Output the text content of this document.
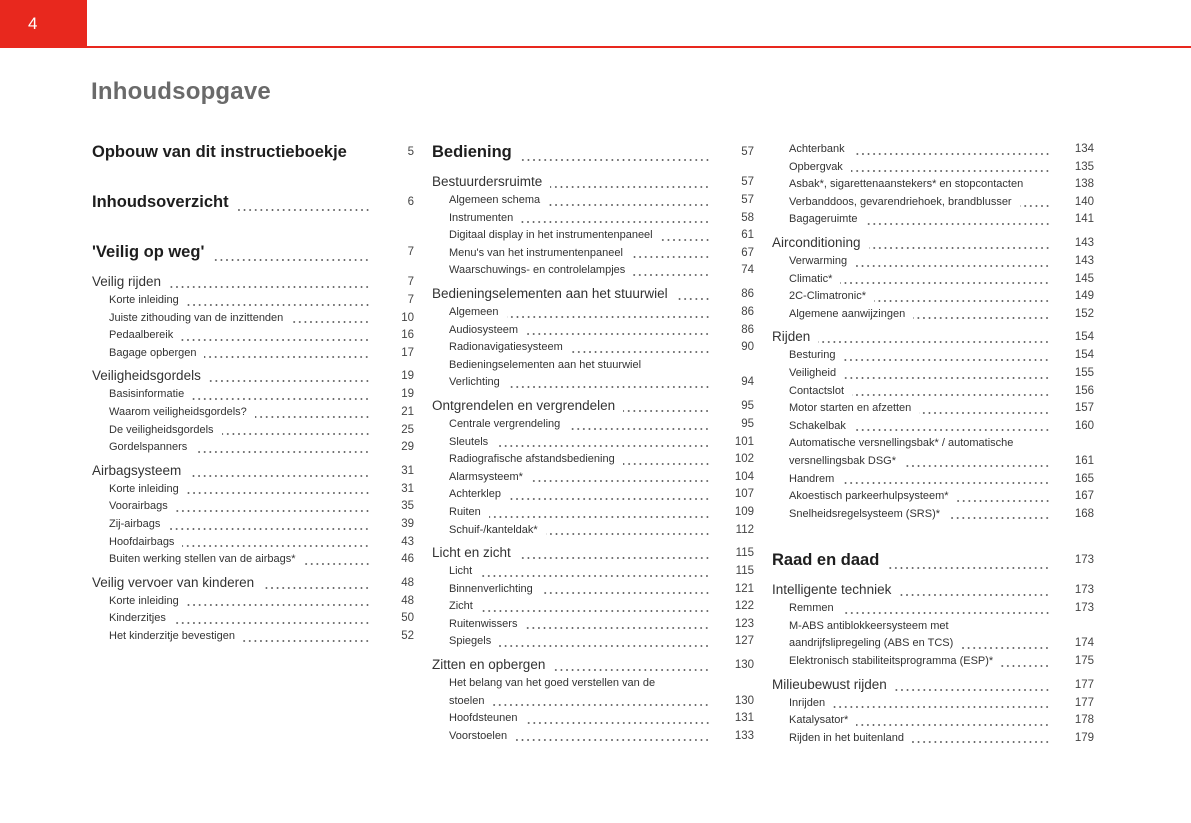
4
Inhoudsopgave
Opbouw van dit instructieboekje	5
Inhoudsoverzicht	6
'Veilig op weg'	7
Veilig rijden	7
Korte inleiding	7
Juiste zithouding van de inzittenden	10
Pedaalbereik	16
Bagage opbergen	17
Veiligheidsgordels	19
Basisinformatie	19
Waarom veiligheidsgordels?	21
De veiligheidsgordels	25
Gordelspanners	29
Airbagsysteem	31
Korte inleiding	31
Voorairbags	35
Zij-airbags	39
Hoofdairbags	43
Buiten werking stellen van de airbags*	46
Veilig vervoer van kinderen	48
Korte inleiding	48
Kinderzitjes	50
Het kinderzitje bevestigen	52
Bediening	57
Bestuurdersruimte	57
Algemeen schema	57
Instrumenten	58
Digitaal display in het instrumentenpaneel	61
Menu's van het instrumentenpaneel	67
Waarschuwings- en controlelampjes	74
Bedieningselementen aan het stuurwiel	86
Algemeen	86
Audiosysteem	86
Radionavigatiesysteem	90
Bedieningselementen aan het stuurwiel
Verlichting	94
Ontgrendelen en vergrendelen	95
Centrale vergrendeling	95
Sleutels	101
Radiografische afstandsbediening	102
Alarmsysteem*	104
Achterklep	107
Ruiten	109
Schuif-/kanteldak*	112
Licht en zicht	115
Licht	115
Binnenverlichting	121
Zicht	122
Ruitenwissers	123
Spiegels	127
Zitten en opbergen	130
Het belang van het goed verstellen van de
stoelen	130
Hoofdsteunen	131
Voorstoelen	133
Achterbank	134
Opbergvak	135
Asbak*, sigarettenaanstekers* en stopcontacten	138
Verbanddoos, gevarendriehoek, brandblusser	140
Bagageruimte	141
Airconditioning	143
Verwarming	143
Climatic*	145
2C-Climatronic*	149
Algemene aanwijzingen	152
Rijden	154
Besturing	154
Veiligheid	155
Contactslot	156
Motor starten en afzetten	157
Schakelbak	160
Automatische versnellingsbak* / automatische
versnellingsbak DSG*	161
Handrem	165
Akoestisch parkeerhulpsysteem*	167
Snelheidsregelsysteem (SRS)*	168
Raad en daad	173
Intelligente techniek	173
Remmen	173
M-ABS antiblokkeersysteem met
aandrijfslipregeling (ABS en TCS)	174
Elektronisch stabiliteitsprogramma (ESP)*	175
Milieubewust rijden	177
Inrijden	177
Katalysator*	178
Rijden in het buitenland	179
